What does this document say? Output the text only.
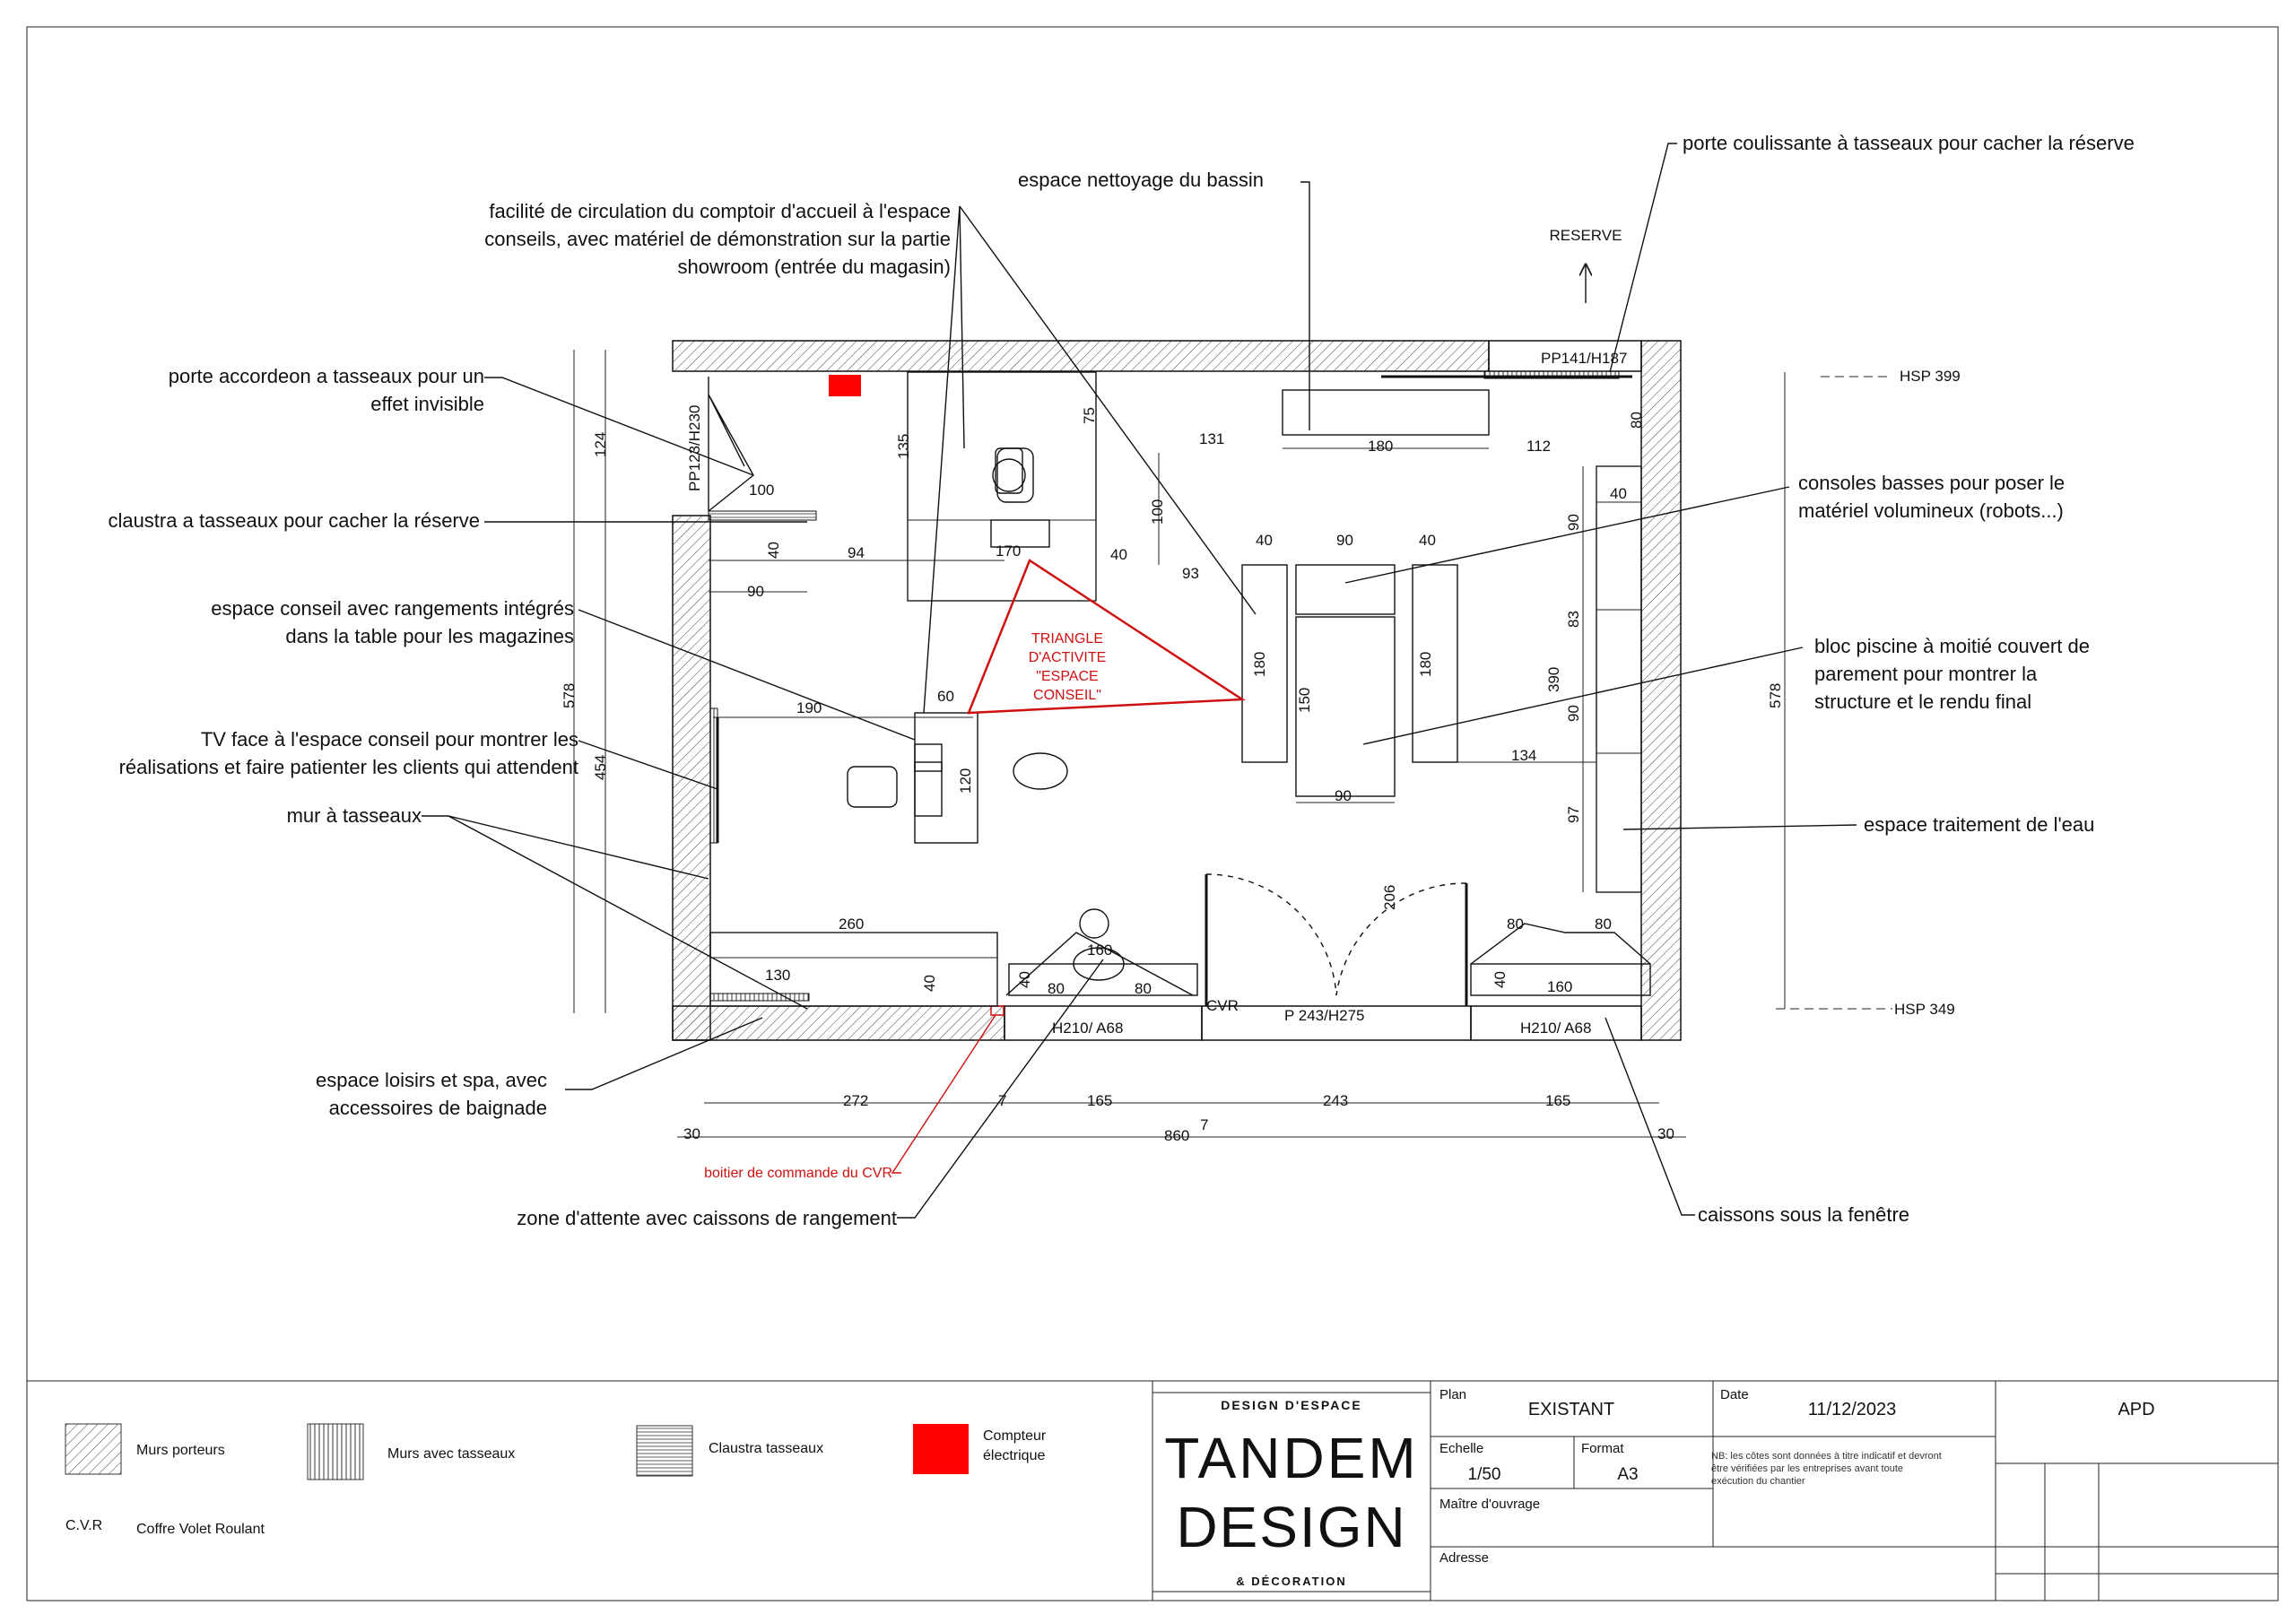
porte coulissante à tasseaux pour cacher la réserve
espace nettoyage du bassin
facilité de circulation du comptoir d'accueil à l'espace
conseils, avec matériel de démonstration sur la partie
showroom (entrée du magasin)
porte accordeon a tasseaux pour un
effet invisible
claustra a tasseaux pour cacher la réserve
espace conseil avec rangements intégrés
dans la table pour les magazines
TV face à l'espace conseil pour montrer les
réalisations et faire patienter les clients qui attendent
mur à tasseaux
consoles basses pour poser le
matériel volumineux (robots...)
bloc piscine à moitié couvert de
parement pour montrer la
structure et le rendu final
espace traitement de l'eau
espace loisirs et spa, avec
accessoires de baignade
boitier de commande du CVR
zone d'attente avec caissons de rangement	caissons sous la fenêtre
RESERVE
TRIANGLE
D'ACTIVITE
"ESPACE
CONSEIL"
PP141/H187
PP123/H230
HSP 399
HSP 349
CVR
P 243/H275
H210/ A68	H210/ A68
100
40	94
90
135
75
131	180	112
80
40
100
40
93
40	90	40
180
150
180
90
90
83
390
90
134
97
578	578
124
454
60
190
120
260
130	40
160
40
80	80
206
80	80
40	160
272	7	165	243	165
30	860
7
30
170
Murs porteurs	Murs avec tasseaux	Claustra tasseaux
Compteur
électrique
C.V.R Coffre Volet Roulant
DESIGN D'ESPACE
TANDEM
DESIGN
& DÉCORATION
Plan
EXISTANT
Date
11/12/2023	APD
Echelle
1/50
Format
A3
NB: les côtes sont données à titre indicatif et devront
être vérifiées par les entreprises avant toute
exécution du chantier
Maître d'ouvrage
Adresse
